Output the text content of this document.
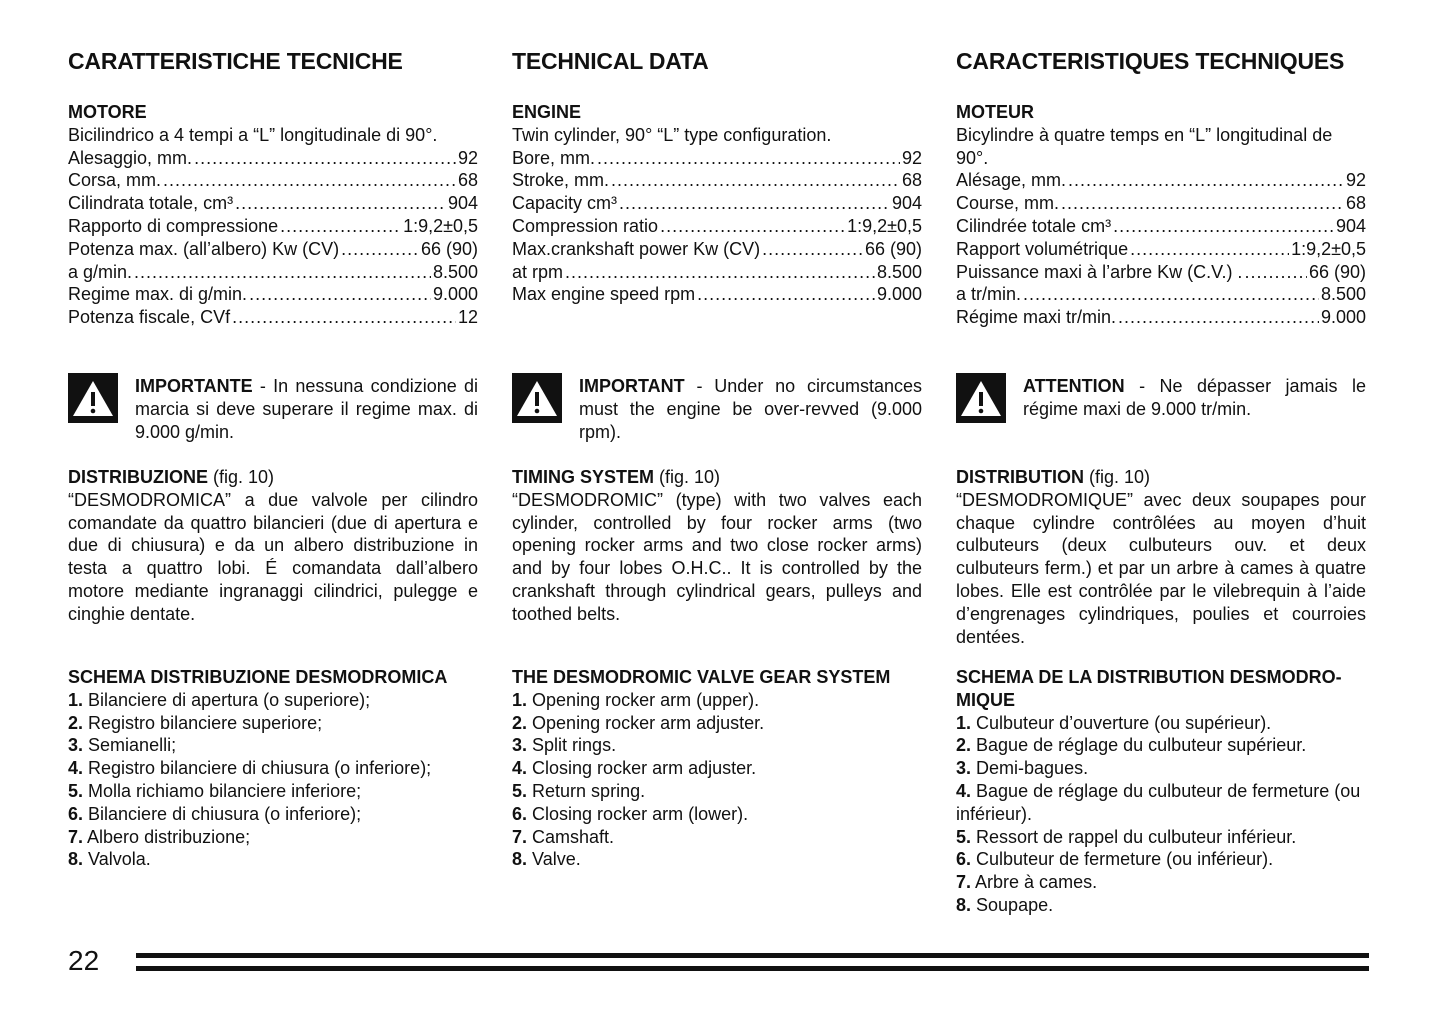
CARATTERISTICHE TECNICHE
MOTORE
Bicilindrico a 4 tempi a “L” longitudinale di 90°.
Alesaggio, mm. .....	92
Corsa, mm. .....	68
Cilindrata totale, cm³ .....	904
Rapporto di compressione .....	1:9,2±0,5
Potenza max. (all’albero) Kw (CV) .....	66 (90)
a g/min. .....	8.500
Regime max. di g/min. .....	9.000
Potenza fiscale, CVf .....	12
IMPORTANTE - In nessuna condizione di marcia si deve superare il regime max. di 9.000 g/min.
DISTRIBUZIONE (fig. 10)
“DESMODROMICA” a due valvole per cilindro comandate da quattro bilancieri (due di apertura e due di chiusura) e da un albero distribuzione in testa a quattro lobi. É comandata dall’albero motore mediante ingranaggi cilindrici, pulegge e cinghie dentate.
SCHEMA DISTRIBUZIONE DESMODROMICA
1. Bilanciere di apertura (o superiore);
2. Registro bilanciere superiore;
3. Semianelli;
4. Registro bilanciere di chiusura (o inferiore);
5. Molla richiamo bilanciere inferiore;
6. Bilanciere di chiusura (o inferiore);
7. Albero distribuzione;
8. Valvola.
TECHNICAL DATA
ENGINE
Twin cylinder, 90° “L” type configuration.
Bore, mm. .....	92
Stroke, mm. .....	68
Capacity cm³ .....	904
Compression ratio .....	1:9,2±0,5
Max.crankshaft power Kw (CV) .....	66 (90)
at rpm .....	8.500
Max engine speed rpm .....	9.000
IMPORTANT - Under no circumstances must the engine be over-revved (9.000 rpm).
TIMING SYSTEM (fig. 10)
“DESMODROMIC” (type) with two valves each cylinder, controlled by four rocker arms (two opening rocker arms and two close rocker arms) and by four lobes O.H.C.. It is controlled by the crankshaft through cylindrical gears, pulleys and toothed belts.
THE DESMODROMIC VALVE GEAR SYSTEM
1. Opening rocker arm (upper).
2. Opening rocker arm adjuster.
3. Split rings.
4. Closing rocker arm adjuster.
5. Return spring.
6. Closing rocker arm (lower).
7. Camshaft.
8. Valve.
CARACTERISTIQUES TECHNIQUES
MOTEUR
Bicylindre à quatre temps en “L” longitudinal de 90°.
Alésage, mm. .....	92
Course, mm. .....	68
Cilindrée totale cm³ .....	904
Rapport volumétrique .....	1:9,2±0,5
Puissance maxi à l’arbre Kw (C.V.) . .....	66 (90)
a tr/min. .....	8.500
Régime maxi tr/min. .....	9.000
ATTENTION - Ne dépasser jamais le régime maxi de 9.000 tr/min.
DISTRIBUTION (fig. 10)
“DESMODROMIQUE” avec deux soupapes pour chaque cylindre contrôlées au moyen d’huit culbuteurs (deux culbuteurs ouv. et deux culbuteurs ferm.) et par un arbre à cames à quatre lobes. Elle est contrôlée par le vilebrequin à l’aide d’engrenages cylindriques, poulies et courroies dentées.
SCHEMA DE LA DISTRIBUTION DESMODRO-MIQUE
1. Culbuteur d’ouverture (ou supérieur).
2. Bague de réglage du culbuteur supérieur.
3. Demi-bagues.
4. Bague de réglage du culbuteur de fermeture (ou inférieur).
5. Ressort de rappel du culbuteur inférieur.
6. Culbuteur de fermeture (ou inférieur).
7. Arbre à cames.
8. Soupape.
22
